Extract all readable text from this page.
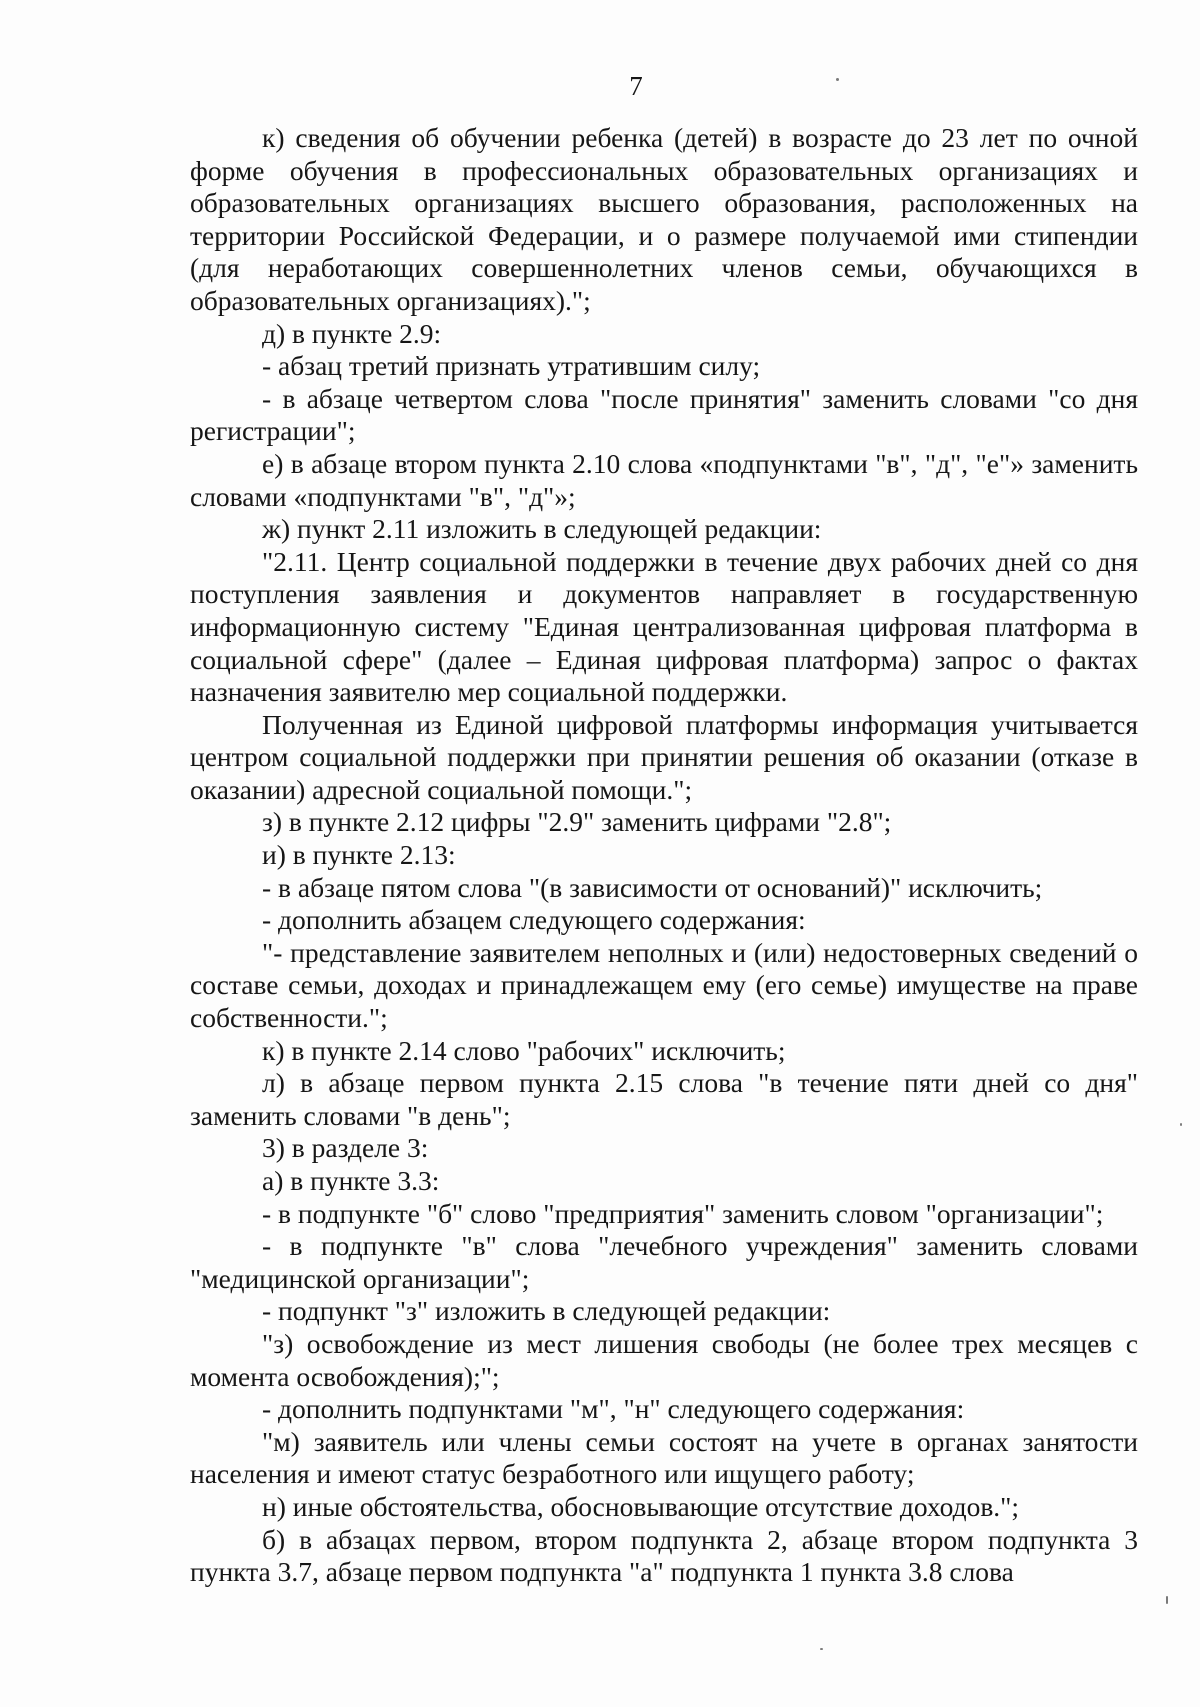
7

к) сведения об обучении ребенка (детей) в возрасте до 23 лет по очной форме обучения в профессиональных образовательных организациях и образовательных организациях высшего образования, расположенных на территории Российской Федерации, и о размере получаемой ими стипендии (для неработающих совершеннолетних членов семьи, обучающихся в образовательных организациях).";

д) в пункте 2.9:

- абзац третий признать утратившим силу;

- в абзаце четвертом слова "после принятия" заменить словами "со дня регистрации";

е) в абзаце втором пункта 2.10 слова «подпунктами "в", "д", "е"» заменить словами «подпунктами "в", "д"»;

ж) пункт 2.11 изложить в следующей редакции:

"2.11. Центр социальной поддержки в течение двух рабочих дней со дня поступления заявления и документов направляет в государственную информационную систему "Единая централизованная цифровая платформа в социальной сфере" (далее – Единая цифровая платформа) запрос о фактах назначения заявителю мер социальной поддержки.

Полученная из Единой цифровой платформы информация учитывается центром социальной поддержки при принятии решения об оказании (отказе в оказании) адресной социальной помощи.";

з) в пункте 2.12 цифры "2.9" заменить цифрами "2.8";

и) в пункте 2.13:

- в абзаце пятом слова "(в зависимости от оснований)" исключить;

- дополнить абзацем следующего содержания:

"- представление заявителем неполных и (или) недостоверных сведений о составе семьи, доходах и принадлежащем ему (его семье) имуществе на праве собственности.";

к) в пункте 2.14 слово "рабочих" исключить;

л) в абзаце первом пункта 2.15 слова "в течение пяти дней со дня" заменить словами "в день";

3) в разделе 3:

а) в пункте 3.3:

- в подпункте "б" слово "предприятия" заменить словом "организации";

- в подпункте "в" слова "лечебного учреждения" заменить словами "медицинской организации";

- подпункт "з" изложить в следующей редакции:

"з) освобождение из мест лишения свободы (не более трех месяцев с момента освобождения);";

- дополнить подпунктами "м", "н" следующего содержания:

"м) заявитель или члены семьи состоят на учете в органах занятости населения и имеют статус безработного или ищущего работу;

н) иные обстоятельства, обосновывающие отсутствие доходов.";

б) в абзацах первом, втором подпункта 2, абзаце втором подпункта 3 пункта 3.7, абзаце первом подпункта "а" подпункта 1 пункта 3.8 слова
